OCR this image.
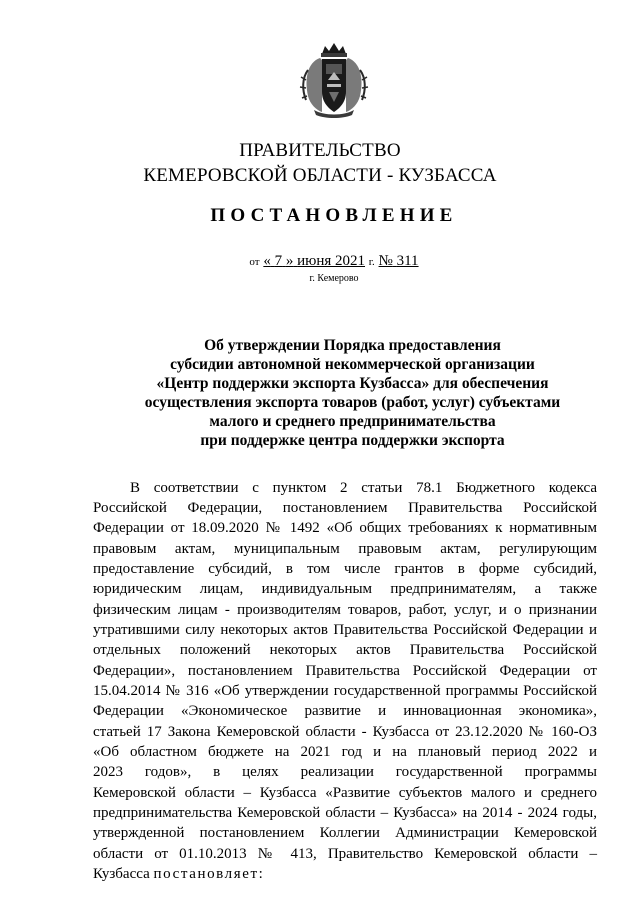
ПРАВИТЕЛЬСТВО
КЕМЕРОВСКОЙ ОБЛАСТИ - КУЗБАССА
ПОСТАНОВЛЕНИЕ
от « 7 » июня 2021 г. № 311
г. Кемерово
Об утверждении Порядка предоставления
субсидии автономной некоммерческой организации
«Центр поддержки экспорта Кузбасса» для обеспечения
осуществления экспорта товаров (работ, услуг) субъектами
малого и среднего предпринимательства
при поддержке центра поддержки экспорта
В соответствии с пунктом 2 статьи 78.1 Бюджетного кодекса
Российской Федерации, постановлением Правительства Российской
Федерации от 18.09.2020 № 1492 «Об общих требованиях к нормативным
правовым актам, муниципальным правовым актам, регулирующим
предоставление субсидий, в том числе грантов в форме субсидий,
юридическим лицам, индивидуальным предпринимателям, а также
физическим лицам - производителям товаров, работ, услуг, и о признании
утратившими силу некоторых актов Правительства Российской Федерации и
отдельных положений некоторых актов Правительства Российской
Федерации», постановлением Правительства Российской Федерации от
15.04.2014 № 316 «Об утверждении государственной программы Российской
Федерации «Экономическое развитие и инновационная экономика»,
статьей 17 Закона Кемеровской области - Кузбасса от 23.12.2020 № 160-ОЗ
«Об областном бюджете на 2021 год и на плановый период 2022 и
2023 годов», в целях реализации государственной программы
Кемеровской области – Кузбасса «Развитие субъектов малого и среднего
предпринимательства Кемеровской области – Кузбасса» на 2014 - 2024 годы,
утвержденной постановлением Коллегии Администрации Кемеровской
области от 01.10.2013 № 413, Правительство Кемеровской области –
Кузбасса постановляет:
